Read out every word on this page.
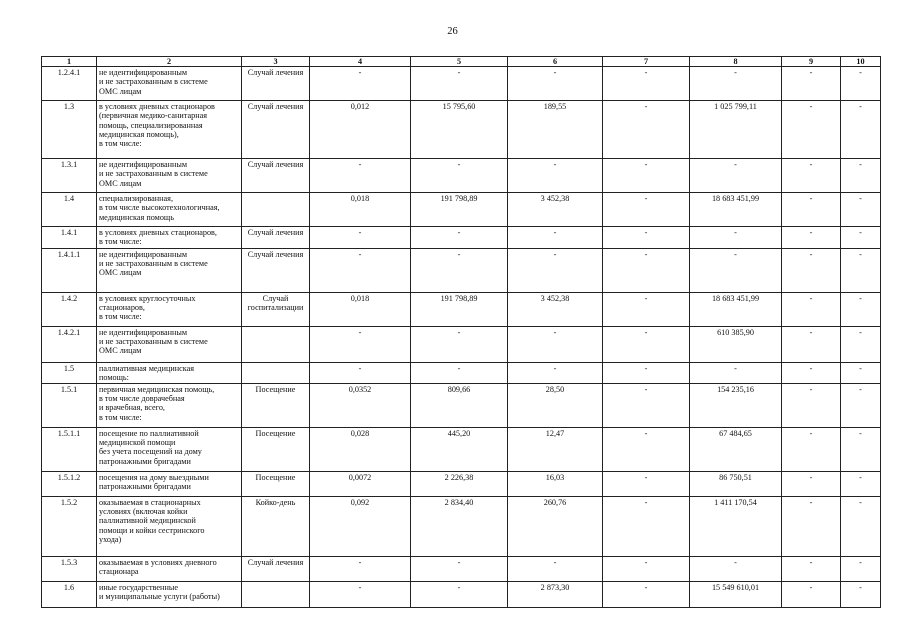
26
1	2	3	4	5	6	7	8	9	10
1.2.4.1	не идентифицированным
и не застрахованным в системе
ОМС лицам	Случай лечения	-	-	-	-	-	-	-
1.3	в условиях дневных стационаров
(первичная медико-санитарная
помощь, специализированная
медицинская помощь),
в том числе:	Случай лечения	0,012	15 795,60	189,55	-	1 025 799,11	-	-
1.3.1	не идентифицированным
и не застрахованным в системе
ОМС лицам	Случай лечения	-	-	-	-	-	-	-
1.4	специализированная,
в том числе высокотехнологичная,
медицинская помощь		0,018	191 798,89	3 452,38	-	18 683 451,99	-	-
1.4.1	в условиях дневных стационаров,
в том числе:	Случай лечения	-	-	-	-	-	-	-
1.4.1.1	не идентифицированным
и не застрахованным в системе
ОМС лицам	Случай лечения	-	-	-	-	-	-	-
1.4.2	в условиях круглосуточных
стационаров,
в том числе:	Случай
госпитализации	0,018	191 798,89	3 452,38	-	18 683 451,99	-	-
1.4.2.1	не идентифицированным
и не застрахованным в системе
ОМС лицам		-	-	-	-	610 385,90	-	-
1.5	паллиативная медицинская
помощь:		-	-	-	-	-	-	-
1.5.1	первичная медицинская помощь,
в том числе доврачебная
и врачебная, всего,
в том числе:	Посещение	0,0352	809,66	28,50	-	154 235,16	-	-
1.5.1.1	посещение по паллиативной
медицинской помощи
без учета посещений на дому
патронажными бригадами	Посещение	0,028	445,20	12,47	-	67 484,65	-	-
1.5.1.2	посещения на дому выездными
патронажными бригадами	Посещение	0,0072	2 226,38	16,03	-	86 750,51	-	-
1.5.2	оказываемая в стационарных
условиях (включая койки
паллиативной медицинской
помощи и койки сестринского
ухода)	Койко-день	0,092	2 834,40	260,76	-	1 411 170,54	-	-
1.5.3	оказываемая в условиях дневного
стационара	Случай лечения	-	-	-	-	-	-	-
1.6	иные государственные
и муниципальные услуги (работы)		-	-	2 873,30	-	15 549 610,01	-	-
